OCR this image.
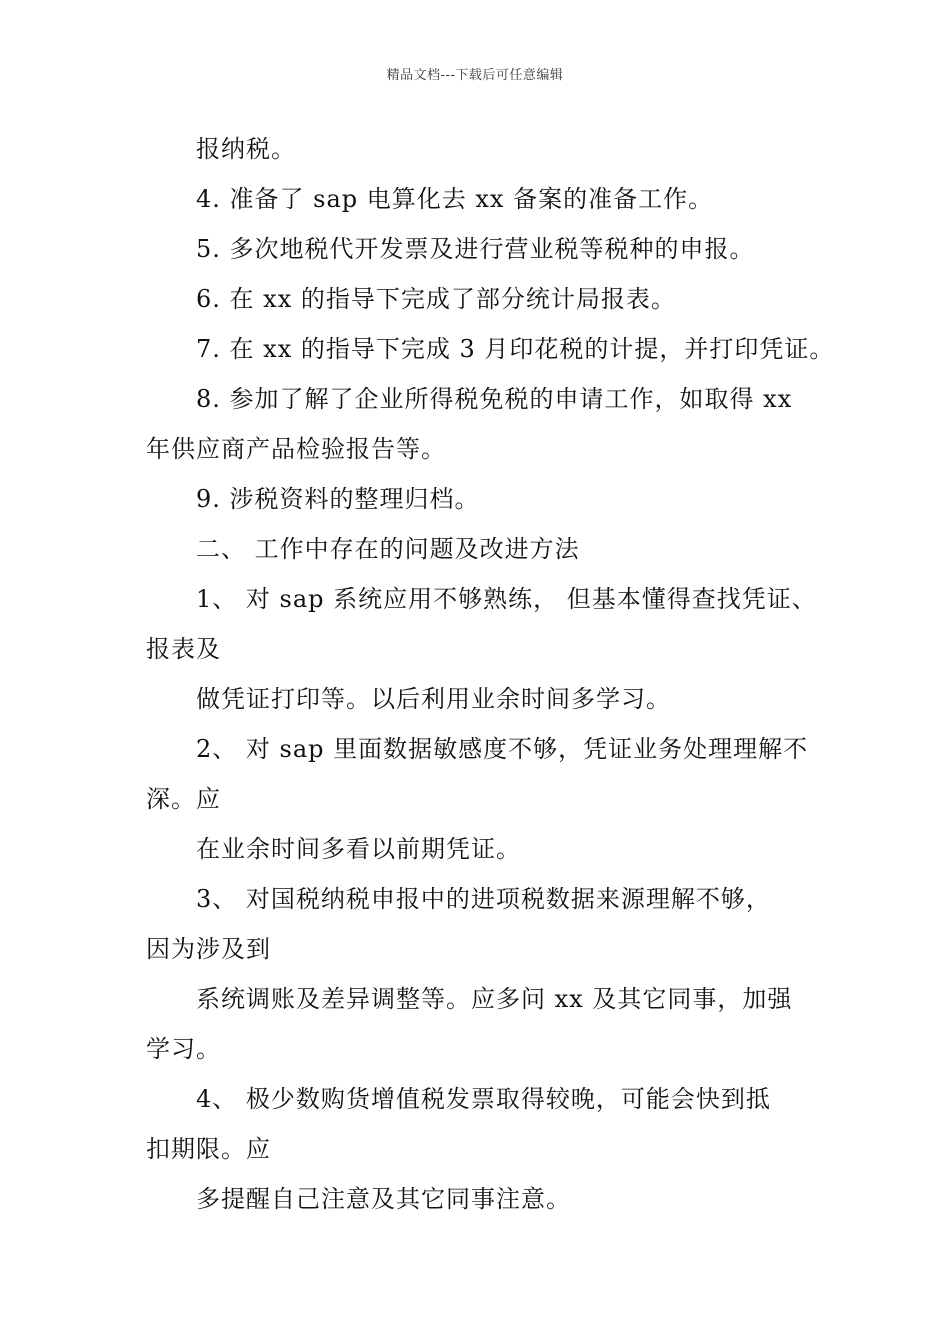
精品文档---下载后可任意编辑
报纳税。
4. 准备了 sap 电算化去 xx 备案的准备工作。
5. 多次地税代开发票及进行营业税等税种的申报。
6. 在 xx 的指导下完成了部分统计局报表。
7. 在 xx 的指导下完成 3 月印花税的计提，并打印凭证。
8. 参加了解了企业所得税免税的申请工作，如取得 xx
年供应商产品检验报告等。
9. 涉税资料的整理归档。
二、 工作中存在的问题及改进方法
1、 对 sap 系统应用不够熟练， 但基本懂得查找凭证、
报表及
做凭证打印等。以后利用业余时间多学习。
2、 对 sap 里面数据敏感度不够，凭证业务处理理解不
深。应
在业余时间多看以前期凭证。
3、 对国税纳税申报中的进项税数据来源理解不够，
因为涉及到
系统调账及差异调整等。应多问 xx 及其它同事，加强
学习。
4、 极少数购货增值税发票取得较晚，可能会快到抵
扣期限。应
多提醒自己注意及其它同事注意。
